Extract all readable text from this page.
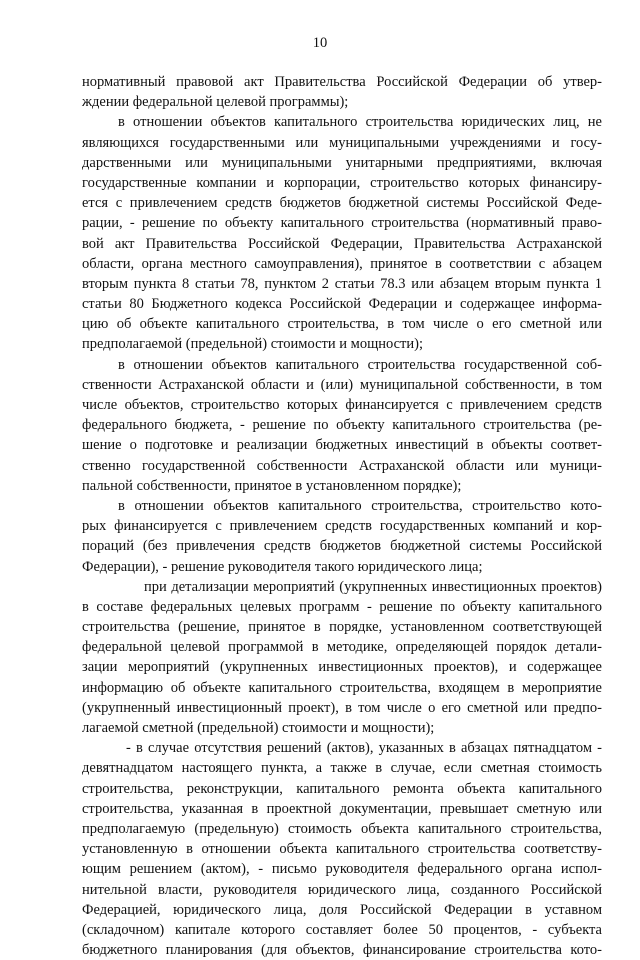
10
нормативный правовой акт Правительства Российской Федерации об утвер-
ждении федеральной целевой программы);
в отношении объектов капитального строительства юридических лиц, не
являющихся государственными или муниципальными учреждениями и госу-
дарственными или муниципальными унитарными предприятиями, включая
государственные компании и корпорации, строительство которых финансиру-
ется с привлечением средств бюджетов бюджетной системы Российской Феде-
рации, - решение по объекту капитального строительства (нормативный право-
вой акт Правительства Российской Федерации, Правительства Астраханской
области, органа местного самоуправления), принятое в соответствии с абзацем
вторым пункта 8 статьи 78, пунктом 2 статьи 78.3 или абзацем вторым пункта 1
статьи 80 Бюджетного кодекса Российской Федерации и содержащее информа-
цию об объекте капитального строительства, в том числе о его сметной или
предполагаемой (предельной) стоимости и мощности);
в отношении объектов капитального строительства государственной соб-
ственности Астраханской области и (или) муниципальной собственности, в том
числе объектов, строительство которых финансируется с привлечением средств
федерального бюджета, - решение по объекту капитального строительства (ре-
шение о подготовке и реализации бюджетных инвестиций в объекты соответ-
ственно государственной собственности Астраханской области или муници-
пальной собственности, принятое в установленном порядке);
в отношении объектов капитального строительства, строительство кото-
рых финансируется с привлечением средств государственных компаний и кор-
пораций (без привлечения средств бюджетов бюджетной системы Российской
Федерации), - решение руководителя такого юридического лица;
при детализации мероприятий (укрупненных инвестиционных проектов)
в составе федеральных целевых программ - решение по объекту капитального
строительства (решение, принятое в порядке, установленном соответствующей
федеральной целевой программой в методике, определяющей порядок детали-
зации мероприятий (укрупненных инвестиционных проектов), и содержащее
информацию об объекте капитального строительства, входящем в мероприятие
(укрупненный инвестиционный проект), в том числе о его сметной или предпо-
лагаемой сметной (предельной) стоимости и мощности);
- в случае отсутствия решений (актов), указанных в абзацах пятнадцатом -
девятнадцатом настоящего пункта, а также в случае, если сметная стоимость
строительства, реконструкции, капитального ремонта объекта капитального
строительства, указанная в проектной документации, превышает сметную или
предполагаемую (предельную) стоимость объекта капитального строительства,
установленную в отношении объекта капитального строительства соответству-
ющим решением (актом), - письмо руководителя федерального органа испол-
нительной власти, руководителя юридического лица, созданного Российской
Федерацией, юридического лица, доля Российской Федерации в уставном
(складочном) капитале которого составляет более 50 процентов, - субъекта
бюджетного планирования (для объектов, финансирование строительства кото-
